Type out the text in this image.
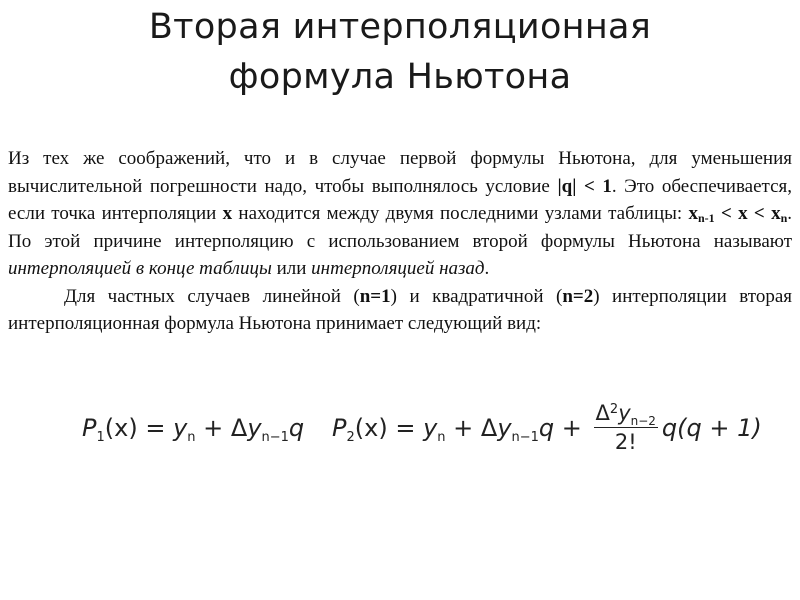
Вторая интерполяционная
формула Ньютона

Из тех же соображений, что и в случае первой формулы Ньютона, для уменьшения вычислительной погрешности надо, чтобы выполнялось условие |q| < 1. Это обеспечивается, если точка интерполяции x находится между двумя последними узлами таблицы: $x_{n-1} < x < x_n$. По этой причине интерполяцию с использованием второй формулы Ньютона называют интерполяцией в конце таблицы или интерполяцией назад.

Для частных случаев линейной (n=1) и квадратичной (n=2) интерполяции вторая интерполяционная формула Ньютона принимает следующий вид:

$P_1$ $(x) = y_n + \Delta$ $y_{n-1}$ q $P_2$ $(x) = y_n + \Delta$ $y_{n-1}$ $q + \frac{\Delta^2y_{n-2}}{2!} q(q + 1)$
